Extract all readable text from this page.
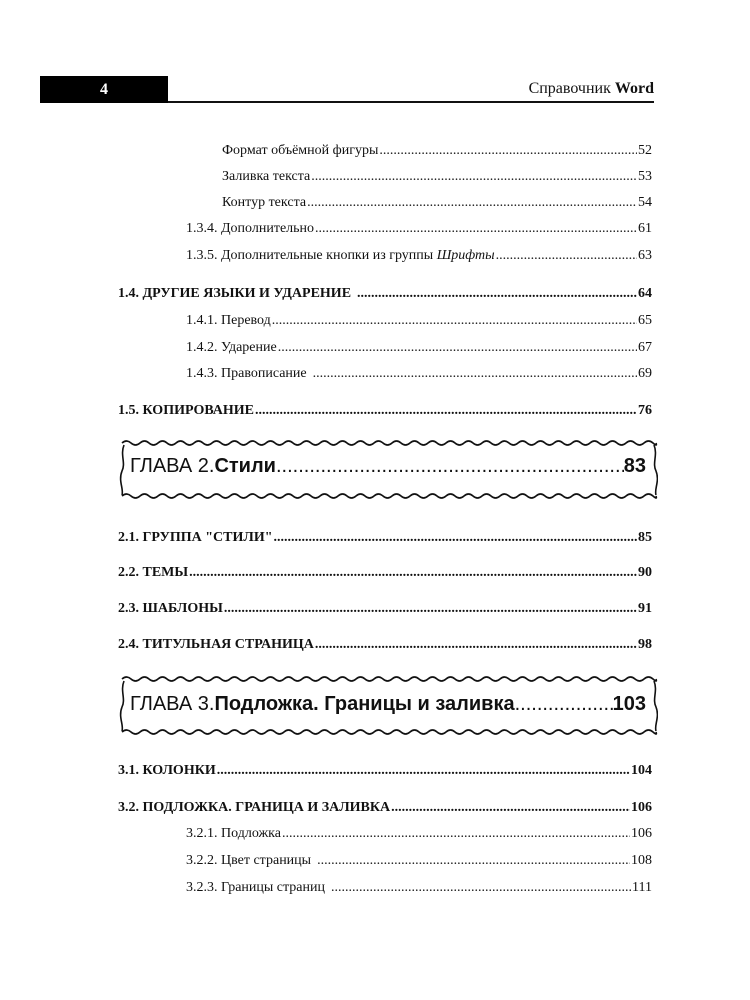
4	Справочник Word
Формат объёмной фигуры .....	52
Заливка текста .....	53
Контур текста .....	54
1.3.4. Дополнительно .....	61
1.3.5. Дополнительные кнопки из группы Шрифты .....	63
1.4. ДРУГИЕ ЯЗЫКИ И УДАРЕНИЕ .....	64
1.4.1. Перевод .....	65
1.4.2. Ударение .....	67
1.4.3. Правописание .....	69
1.5. КОПИРОВАНИЕ .....	76
ГЛАВА 2. Стили .....	83
2.1. ГРУППА "СТИЛИ" .....	85
2.2. ТЕМЫ .....	90
2.3. ШАБЛОНЫ .....	91
2.4. ТИТУЛЬНАЯ СТРАНИЦА .....	98
ГЛАВА 3. Подложка. Границы и заливка .....	103
3.1. КОЛОНКИ .....	104
3.2. ПОДЛОЖКА. ГРАНИЦА И ЗАЛИВКА .....	106
3.2.1. Подложка .....	106
3.2.2. Цвет страницы .....	108
3.2.3. Границы страниц .....	111
